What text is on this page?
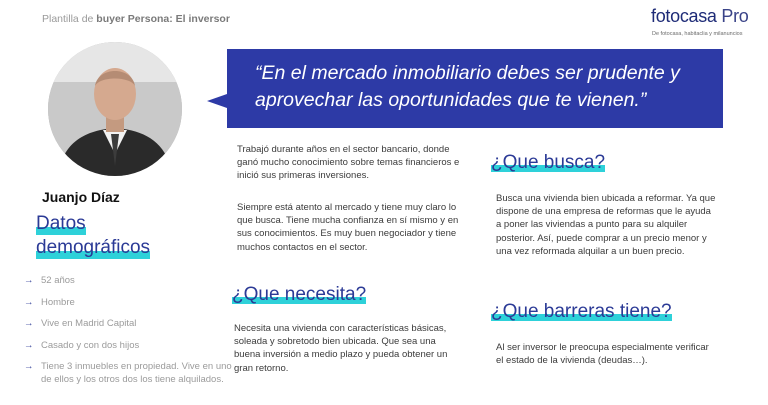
Plantilla de buyer Persona: El inversor	fotocasa Pro
De fotocasa, habitaclia y milanuncios
Juanjo Díaz
“En el mercado inmobiliario debes ser prudente y aprovechar las oportunidades que te vienen.”
Datos
demográficos
→ 52 años
→ Hombre
→ Vive en Madrid Capital
→ Casado y con dos hijos
→ Tiene 3 inmuebles en propiedad. Vive en uno de ellos y los otros dos los tiene alquilados.
Trabajó durante años en el sector bancario, donde ganó mucho conocimiento sobre temas financieros e inició sus primeras inversiones.
Siempre está atento al mercado y tiene muy claro lo que busca. Tiene mucha confianza en sí mismo y en sus conocimientos. Es muy buen negociador y tiene muchos contactos en el sector.
¿Que necesita?
Necesita una vivienda con características básicas, soleada y sobretodo bien ubicada. Que sea una buena inversión a medio plazo y pueda obtener un gran retorno.
¿Que busca?
Busca una vivienda bien ubicada a reformar. Ya que dispone de una empresa de reformas que le ayuda a poner las viviendas a punto para su alquiler posterior. Así, puede comprar a un precio menor y una vez reformada alquilar a un buen precio.
¿Que barreras tiene?
Al ser inversor le preocupa especialmente verificar el estado de la vivienda (deudas…).
